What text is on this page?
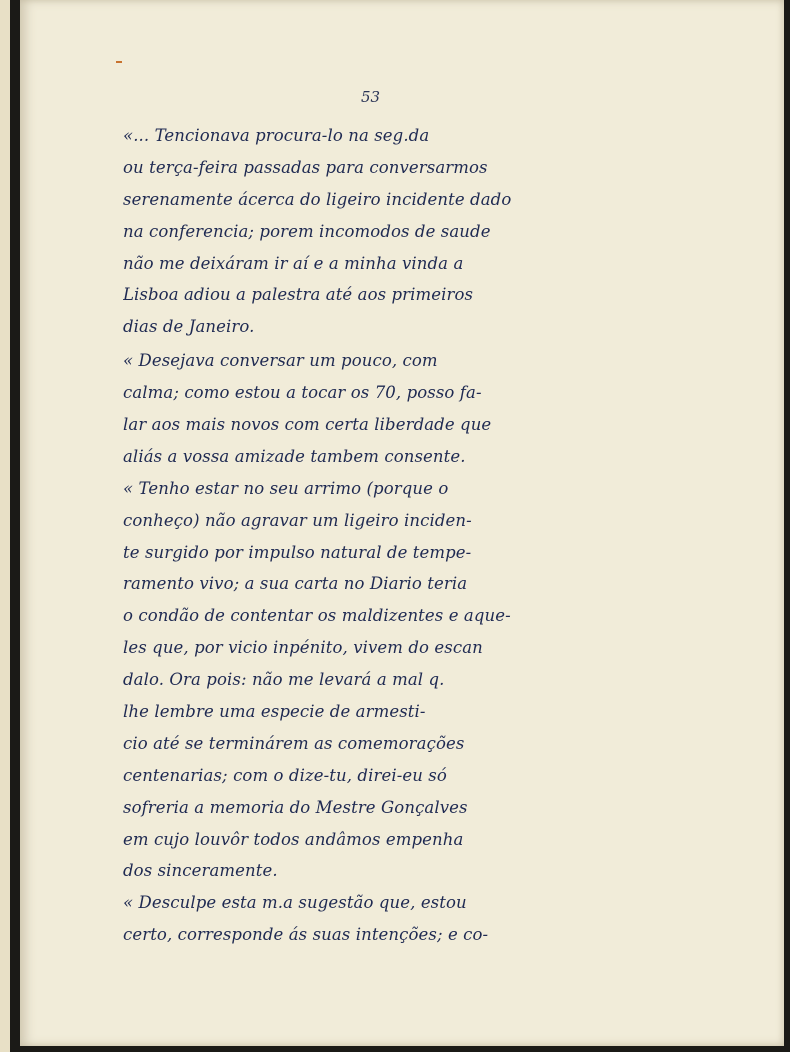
53
«... Tencionava procura-lo na seg.da
ou terça-feira passadas para conversarmos
serenamente ácerca do ligeiro incidente dado
na conferencia; porem incomodos de saude
não me deixáram ir aí e a minha vinda a
Lisboa adiou a palestra até aos primeiros
dias de Janeiro.
« Desejava conversar um pouco, com
calma; como estou a tocar os 70, posso fa-
lar aos mais novos com certa liberdade que
aliás a vossa amizade tambem consente.
« Tenho estar no seu arrimo (porque o
conheço) não agravar um ligeiro inciden-
te surgido por impulso natural de tempe-
ramento vivo; a sua carta no Diario teria
o condão de contentar os maldizentes e aque-
les que, por vicio inpénito, vivem do escan
dalo. Ora pois: não me levará a mal q.
lhe lembre uma especie de armesti-
cio até se terminárem as comemorações
centenarias; com o dize-tu, direi-eu só
sofreria a memoria do Mestre Gonçalves
em cujo louvôr todos andâmos empenha
dos sinceramente.
« Desculpe esta m.a sugestão que, estou
certo, corresponde ás suas intenções; e co-
